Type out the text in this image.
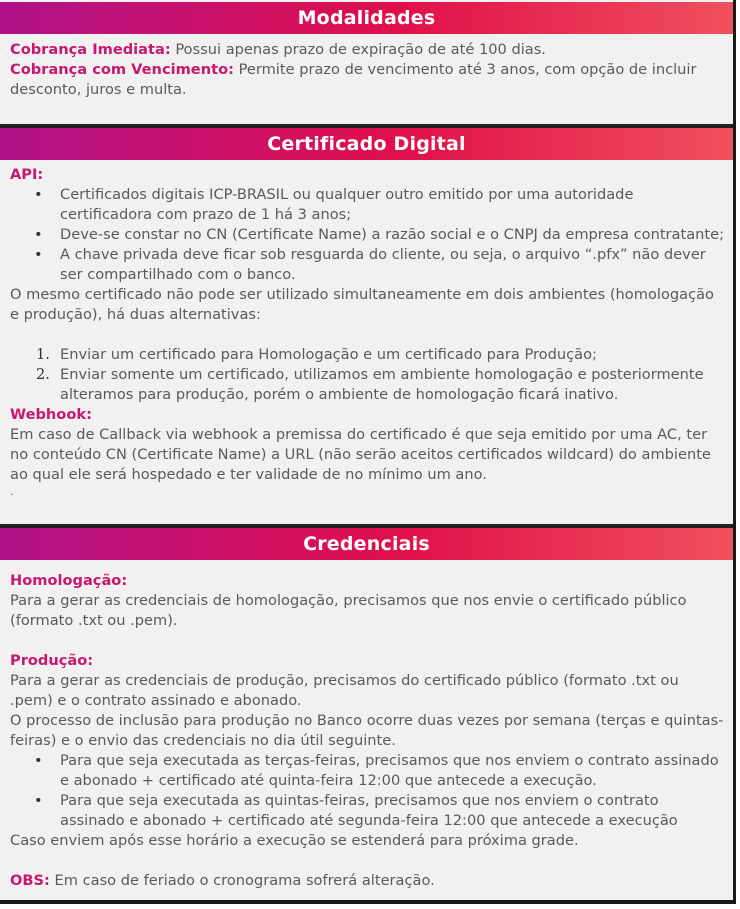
Modalidades

Cobrança Imediata: Possui apenas prazo de expiração de até 100 dias.

Cobrança com Vencimento: Permite prazo de vencimento até 3 anos, com opção de incluir desconto, juros e multa.

Certificado Digital

API:

• Certificados digitais ICP-BRASIL ou qualquer outro emitido por uma autoridade certificadora com prazo de 1 há 3 anos;
• Deve-se constar no CN (Certificate Name) a razão social e o CNPJ da empresa contratante;
• A chave privada deve ficar sob resguarda do cliente, ou seja, o arquivo “.pfx” não dever ser compartilhado com o banco.

O mesmo certificado não pode ser utilizado simultaneamente em dois ambientes (homologação e produção), há duas alternativas:

1. Enviar um certificado para Homologação e um certificado para Produção;
2. Enviar somente um certificado, utilizamos em ambiente homologação e posteriormente alteramos para produção, porém o ambiente de homologação ficará inativo.

Webhook:

Em caso de Callback via webhook a premissa do certificado é que seja emitido por uma AC, ter no conteúdo CN (Certificate Name) a URL (não serão aceitos certificados wildcard) do ambiente ao qual ele será hospedado e ter validade de no mínimo um ano.

.

Credenciais

Homologação:

Para a gerar as credenciais de homologação, precisamos que nos envie o certificado público (formato .txt ou .pem).

Produção:

Para a gerar as credenciais de produção, precisamos do certificado público (formato .txt ou .pem) e o contrato assinado e abonado.

O processo de inclusão para produção no Banco ocorre duas vezes por semana (terças e quintas-feiras) e o envio das credenciais no dia útil seguinte.

• Para que seja executada as terças-feiras, precisamos que nos enviem o contrato assinado e abonado + certificado até quinta-feira 12:00 que antecede a execução.
• Para que seja executada as quintas-feiras, precisamos que nos enviem o contrato assinado e abonado + certificado até segunda-feira 12:00 que antecede a execução

Caso enviem após esse horário a execução se estenderá para próxima grade.

OBS: Em caso de feriado o cronograma sofrerá alteração.
